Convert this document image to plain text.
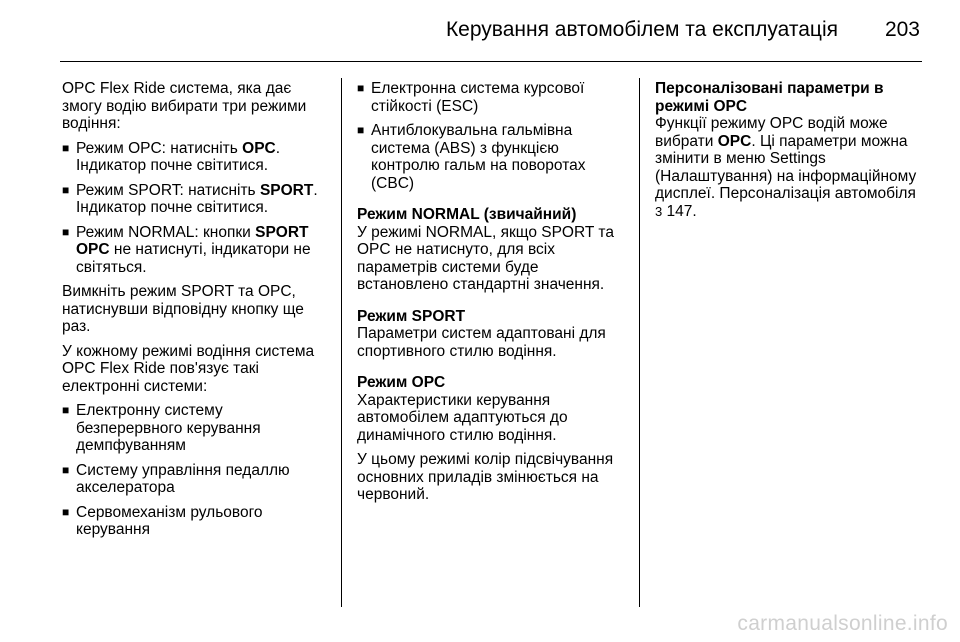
Керування автомобілем та експлуатація 203

OPC Flex Ride система, яка дає змогу водію вибирати три режими водіння:

■ Режим OPC: натисніть OPC. Індикатор почне світитися.
■ Режим SPORT: натисніть SPORT. Індикатор почне світитися.
■ Режим NORMAL: кнопки SPORT OPC не натиснуті, індикатори не світяться.

Вимкніть режим SPORT та OPC, натиснувши відповідну кнопку ще раз.

У кожному режимі водіння система OPC Flex Ride пов'язує такі електронні системи:

■ Електронну систему безперервного керування демпфуванням
■ Систему управління педаллю акселератора
■ Сервомеханізм рульового керування
■ Електронна система курсової стійкості (ESC)
■ Антиблокувальна гальмівна система (ABS) з функцією контролю гальм на поворотах (CBC)
Режим NORMAL (звичайний)

У режимі NORMAL, якщо SPORT та OPC не натиснуто, для всіх параметрів системи буде встановлено стандартні значення.

Режим SPORT

Параметри систем адаптовані для спортивного стилю водіння.

Режим OPC

Характеристики керування автомобілем адаптуються до динамічного стилю водіння.

У цьому режимі колір підсвічування основних приладів змінюється на червоний.

Персоналізовані параметри в режимі OPC

Функції режиму OPC водій може вибрати OPC. Ці параметри можна змінити в меню Settings (Налаштування) на інформаційному дисплеї. Персоналізація автомобіля 3 147.

carmanualsonline.info
